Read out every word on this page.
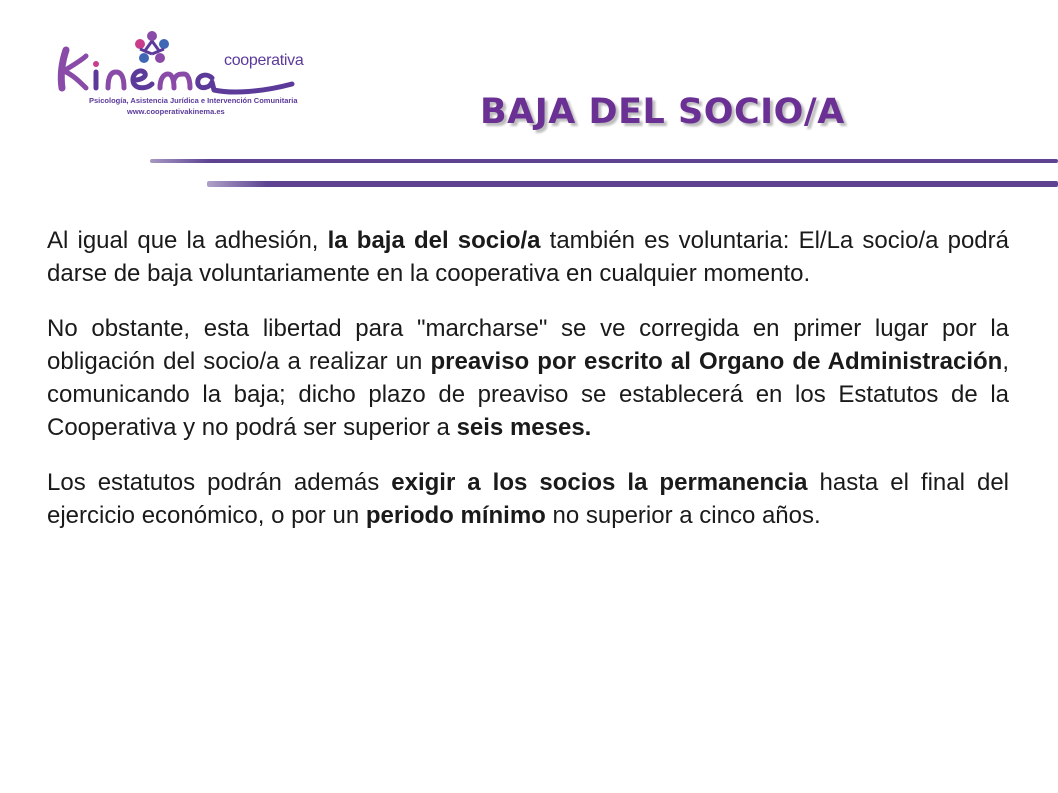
cooperativa
Psicología, Asistencia Jurídica e Intervención Comunitaria
www.cooperativakinema.es	BAJA DEL SOCIO/A

Al igual que la adhesión, la baja del socio/a también es voluntaria: El/La socio/a podrá darse de baja voluntariamente en la cooperativa en cualquier momento.

No obstante, esta libertad para "marcharse" se ve corregida en primer lugar por la obligación del socio/a a realizar un preaviso por escrito al Organo de Administración, comunicando la baja; dicho plazo de preaviso se establecerá en los Estatutos de la Cooperativa y no podrá ser superior a seis meses.

Los estatutos podrán además exigir a los socios la permanencia hasta el final del ejercicio económico, o por un periodo mínimo no superior a cinco años.
